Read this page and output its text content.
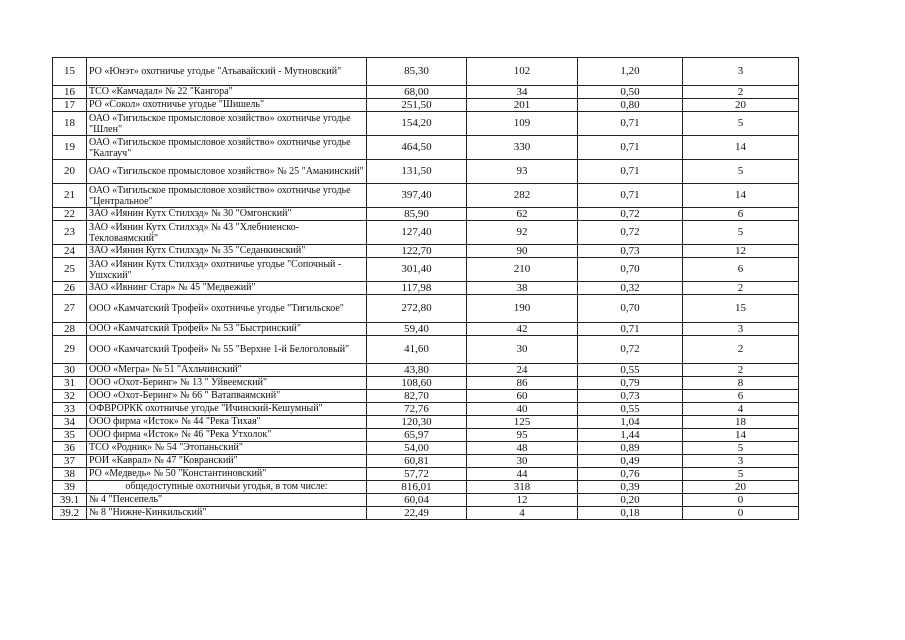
15	РО «Юнэт» охотничье угодье "Атьавайский - Мутновский"	85,30	102	1,20	3
16	ТСО «Камчадал» № 22 "Кангора"	68,00	34	0,50	2
17	РО «Сокол» охотничье угодье "Шишель"	251,50	201	0,80	20
18	ОАО «Тигильское промысловое хозяйство» охотничье угодье "Шлен"	154,20	109	0,71	5
19	ОАО «Тигильское промысловое хозяйство» охотничье угодье "Калгауч"	464,50	330	0,71	14
20	ОАО «Тигильское промысловое хозяйство» № 25 "Аманинский"	131,50	93	0,71	5
21	ОАО «Тигильское промысловое хозяйство» охотничье угодье "Центральное"	397,40	282	0,71	14
22	ЗАО «Иянин Кутх Стилхэд» № 30 "Омгонский"	85,90	62	0,72	6
23	ЗАО «Иянин Кутх Стилхэд» № 43 "Хлебниенско-Текловаямский"	127,40	92	0,72	5
24	ЗАО «Иянин Кутх Стилхэд» № 35 "Седанкинский"	122,70	90	0,73	12
25	ЗАО «Иянин Кутх Стилхэд» охотничье угодье "Сопочный - Ушхский"	301,40	210	0,70	6
26	ЗАО «Ивнинг Стар» № 45 "Медвежий"	117,98	38	0,32	2
27	ООО «Камчатский Трофей» охотничье угодье "Тигильское"	272,80	190	0,70	15
28	ООО «Камчатский Трофей» № 53 "Быстринский"	59,40	42	0,71	3
29	ООО «Камчатский Трофей» № 55 "Верхне 1-й Белоголовый"	41,60	30	0,72	2
30	ООО «Мегра» № 51 "Ахльчинский"	43,80	24	0,55	2
31	ООО «Охот-Беринг» № 13 " Уйвеемский"	108,60	86	0,79	8
32	ООО «Охот-Беринг» № 66 " Ватапваямский"	82,70	60	0,73	6
33	ОФВРОРКК охотничье угодье "Ичинский-Кешумный"	72,76	40	0,55	4
34	ООО фирма «Исток» № 44 "Река Тихая"	120,30	125	1,04	18
35	ООО фирма «Исток» № 46 "Река Утхолок"	65,97	95	1,44	14
36	ТСО «Родник» № 54 "Этопаньский"	54,00	48	0,89	5
37	РОИ «Каврал» № 47 "Ковранский"	60,81	30	0,49	3
38	РО «Медведь» № 50 "Константиновский"	57,72	44	0,76	5
39	общедоступные охотничьи угодья, в том числе:	816,01	318	0,39	20
39.1	№ 4 "Пенсепель"	60,04	12	0,20	0
39.2	№ 8 "Нижне-Кинкильский"	22,49	4	0,18	0
